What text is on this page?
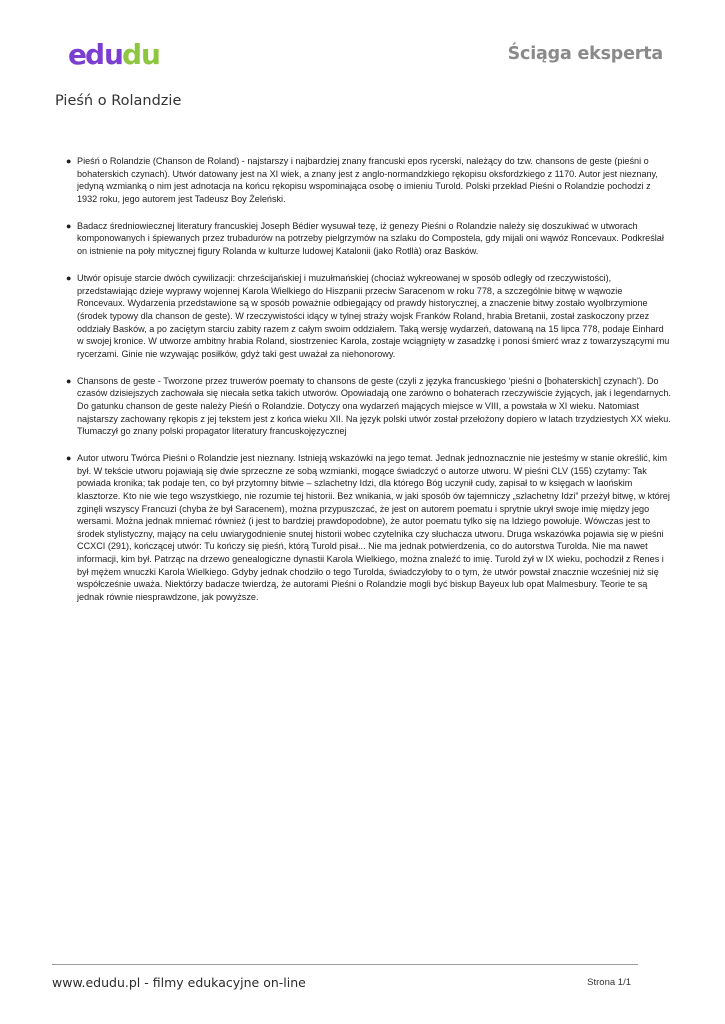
e d u d u	Ściąga eksperta
Pieśń o Rolandzie
● Pieśń o Rolandzie (Chanson de Roland) - najstarszy i najbardziej znany francuski epos rycerski, należący do tzw. chansons de geste (pieśni o bohaterskich czynach). Utwór datowany jest na XI wiek, a znany jest z anglo-normandzkiego rękopisu oksfordzkiego z 1170. Autor jest nieznany, jedyną wzmianką o nim jest adnotacja na końcu rękopisu wspominająca osobę o imieniu Turold. Polski przekład Pieśni o Rolandzie pochodzi z 1932 roku, jego autorem jest Tadeusz Boy Żeleński.
● Badacz średniowiecznej literatury francuskiej Joseph Bédier wysuwał tezę, iż genezy Pieśni o Rolandzie należy się doszukiwać w utworach komponowanych i śpiewanych przez trubadurów na potrzeby pielgrzymów na szlaku do Compostela, gdy mijali oni wąwóz Roncevaux. Podkreślał on istnienie na poły mitycznej figury Rolanda w kulturze ludowej Katalonii (jako Rotllà) oraz Basków.
● Utwór opisuje starcie dwóch cywilizacji: chrześcijańskiej i muzułmańskiej (chociaż wykreowanej w sposób odległy od rzeczywistości), przedstawiając dzieje wyprawy wojennej Karola Wielkiego do Hiszpanii przeciw Saracenom w roku 778, a szczególnie bitwę w wąwozie Roncevaux. Wydarzenia przedstawione są w sposób poważnie odbiegający od prawdy historycznej, a znaczenie bitwy zostało wyolbrzymione (środek typowy dla chanson de geste). W rzeczywistości idący w tylnej straży wojsk Franków Roland, hrabia Bretanii, został zaskoczony przez oddziały Basków, a po zaciętym starciu zabity razem z całym swoim oddziałem. Taką wersję wydarzeń, datowaną na 15 lipca 778, podaje Einhard w swojej kronice. W utworze ambitny hrabia Roland, siostrzeniec Karola, zostaje wciągnięty w zasadzkę i ponosi śmierć wraz z towarzyszącymi mu rycerzami. Ginie nie wzywając posiłków, gdyż taki gest uważał za niehonorowy.
● Chansons de geste - Tworzone przez truwerów poematy to chansons de geste (czyli z języka francuskiego ‘pieśni o [bohaterskich] czynach’). Do czasów dzisiejszych zachowała się niecała setka takich utworów. Opowiadają one zarówno o bohaterach rzeczywiście żyjących, jak i legendarnych. Do gatunku chanson de geste należy Pieśń o Rolandzie. Dotyczy ona wydarzeń mających miejsce w VIII, a powstała w XI wieku. Natomiast najstarszy zachowany rękopis z jej tekstem jest z końca wieku XII. Na język polski utwór został przełożony dopiero w latach trzydziestych XX wieku. Tłumaczył go znany polski propagator literatury francuskojęzycznej
● Autor utworu Twórca Pieśni o Rolandzie jest nieznany. Istnieją wskazówki na jego temat. Jednak jednoznacznie nie jesteśmy w stanie określić, kim był. W tekście utworu pojawiają się dwie sprzeczne ze sobą wzmianki, mogące świadczyć o autorze utworu. W pieśni CLV (155) czytamy: Tak powiada kronika; tak podaje ten, co był przytomny bitwie – szlachetny Idzi, dla którego Bóg uczynił cudy, zapisał to w księgach w laońskim klasztorze. Kto nie wie tego wszystkiego, nie rozumie tej historii. Bez wnikania, w jaki sposób ów tajemniczy „szlachetny Idzi” przeżył bitwę, w której zginęli wszyscy Francuzi (chyba że był Saracenem), można przypuszczać, że jest on autorem poematu i sprytnie ukrył swoje imię między jego wersami. Można jednak mniemać również (i jest to bardziej prawdopodobne), że autor poematu tylko się na Idziego powołuje. Wówczas jest to środek stylistyczny, mający na celu uwiarygodnienie snutej historii wobec czytelnika czy słuchacza utworu. Druga wskazówka pojawia się w pieśni CCXCI (291), kończącej utwór: Tu kończy się pieśń, którą Turold pisał... Nie ma jednak potwierdzenia, co do autorstwa Turolda. Nie ma nawet informacji, kim był. Patrząc na drzewo genealogiczne dynastii Karola Wielkiego, można znaleźć to imię. Turold żył w IX wieku, pochodził z Renes i był mężem wnuczki Karola Wielkiego. Gdyby jednak chodziło o tego Turolda, świadczyłoby to o tym, że utwór powstał znacznie wcześniej niż się współcześnie uważa. Niektórzy badacze twierdzą, że autorami Pieśni o Rolandzie mogli być biskup Bayeux lub opat Malmesbury. Teorie te są jednak równie niesprawdzone, jak powyższe.
www.edudu.pl - filmy edukacyjne on-line	Strona 1/1
